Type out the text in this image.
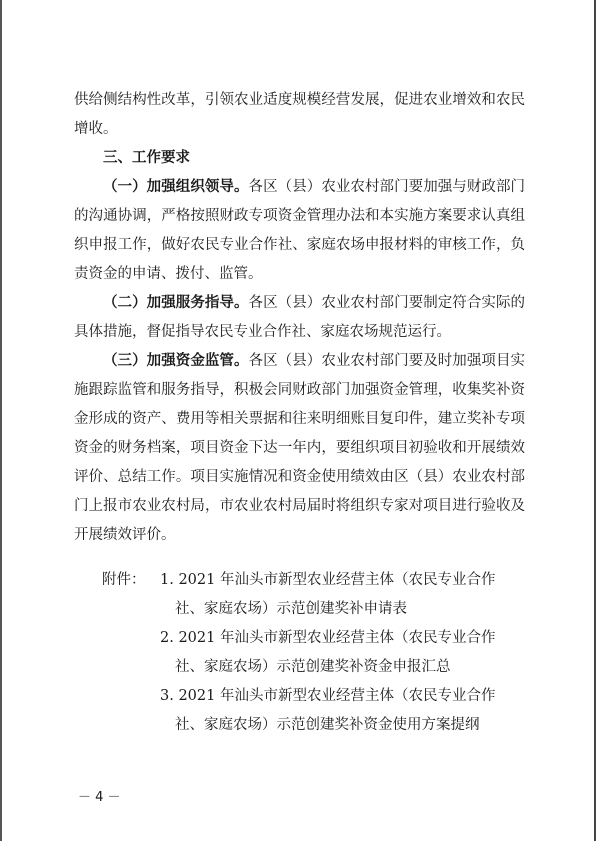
供给侧结构性改革，引领农业适度规模经营发展，促进农业增效和农民增收。

三、工作要求

（一）加强组织领导。各区（县）农业农村部门要加强与财政部门的沟通协调，严格按照财政专项资金管理办法和本实施方案要求认真组织申报工作，做好农民专业合作社、家庭农场申报材料的审核工作，负责资金的申请、拨付、监管。

（二）加强服务指导。各区（县）农业农村部门要制定符合实际的具体措施，督促指导农民专业合作社、家庭农场规范运行。

（三）加强资金监管。各区（县）农业农村部门要及时加强项目实施跟踪监管和服务指导，积极会同财政部门加强资金管理，收集奖补资金形成的资产、费用等相关票据和往来明细账目复印件，建立奖补专项资金的财务档案，项目资金下达一年内，要组织项目初验收和开展绩效评价、总结工作。项目实施情况和资金使用绩效由区（县）农业农村部门上报市农业农村局，市农业农村局届时将组织专家对项目进行验收及开展绩效评价。

附件：	1. 2021 年汕头市新型农业经营主体（农民专业合作
社、家庭农场）示范创建奖补申请表
2. 2021 年汕头市新型农业经营主体（农民专业合作
社、家庭农场）示范创建奖补资金申报汇总
3. 2021 年汕头市新型农业经营主体（农民专业合作
社、家庭农场）示范创建奖补资金使用方案提纲
－ 4 －
